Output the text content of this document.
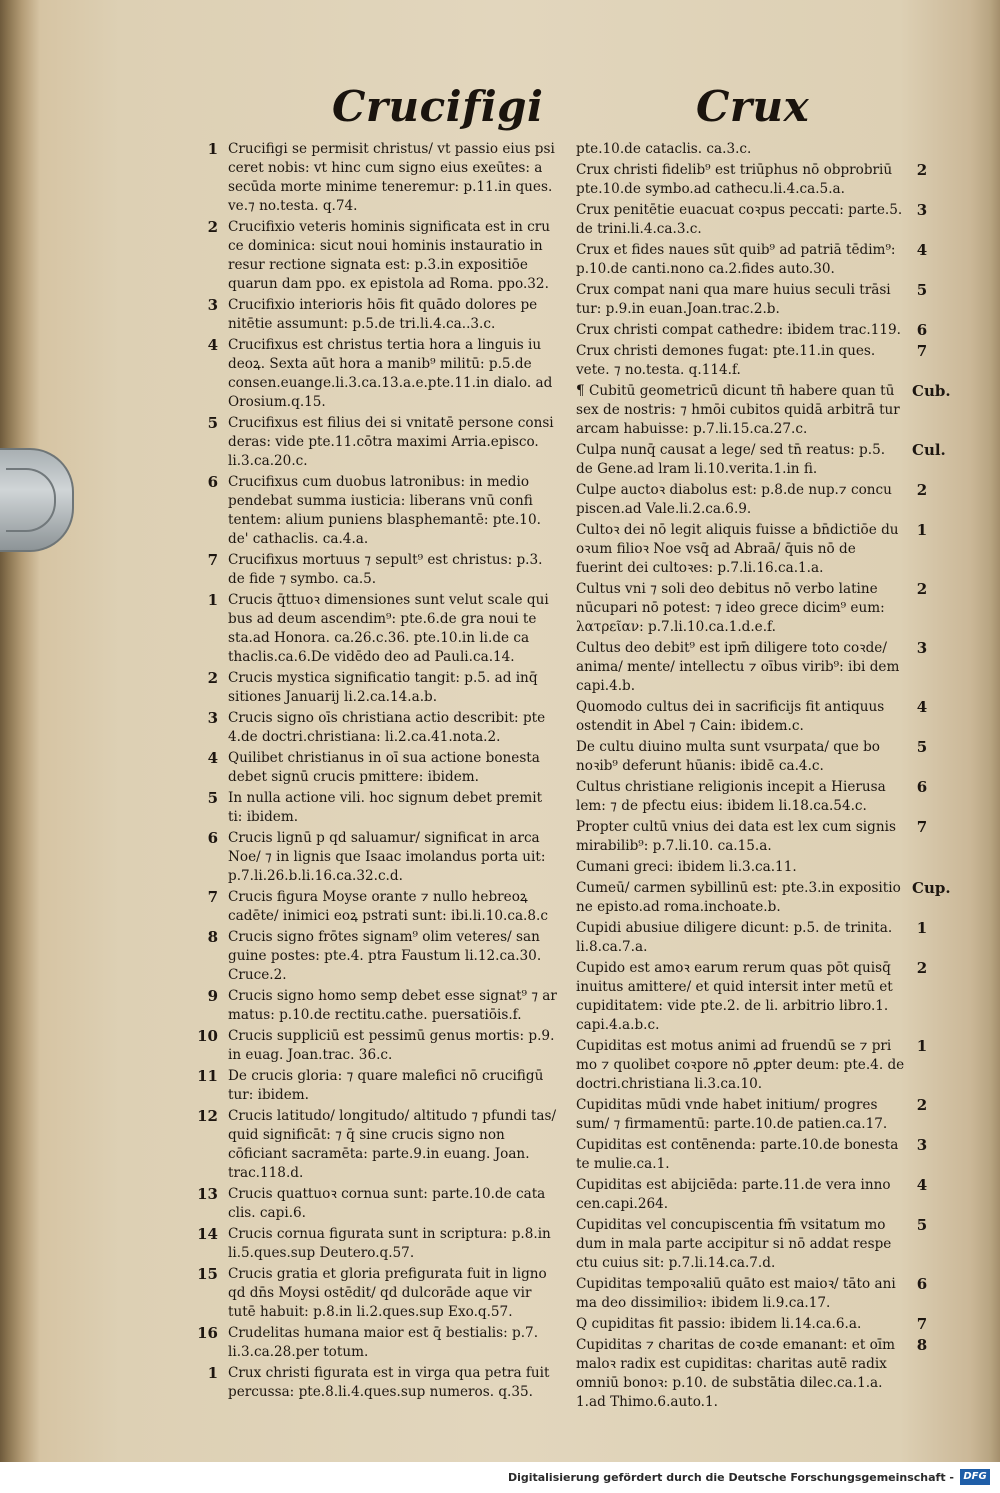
Crucifigi	Crux
1 Crucifigi se permisit christus/ vt passio eius psi ceret nobis: vt hinc cum signo eius exeūtes: a secūda morte minime teneremur: p.11.in ques. ve.⁊ no.testa. q.74.
2 Crucifixio veteris hominis significata est in cru ce dominica: sicut noui hominis instauratio in resur rectione signata est: p.3.in expositiōe quarun dam ppo. ex epistola ad Roma. ppo.32.
3 Crucifixio interioris hōis fit quādo dolores pe nitētie assumunt: p.5.de tri.li.4.ca..3.c.
4 Crucifixus est christus tertia hora a linguis iu deoꝝ. Sexta aūt hora a manib⁹ militū: p.5.de consen.euange.li.3.ca.13.a.e.pte.11.in dialo. ad Orosium.q.15.
5 Crucifixus est filius dei si vnitatē persone consi deras: vide pte.11.cōtra maximi Arria.episco. li.3.ca.20.c.
6 Crucifixus cum duobus latronibus: in medio pendebat summa iusticia: liberans vnū confi tentem: alium puniens blasphemantē: pte.10. de' cathaclis. ca.4.a.
7 Crucifixus mortuus ⁊ sepult⁹ est christus: p.3. de fide ⁊ symbo. ca.5.
1 Crucis q̄ttuoꝛ dimensiones sunt velut scale qui bus ad deum ascendim⁹: pte.6.de gra noui te sta.ad Honora. ca.26.c.36. pte.10.in li.de ca thaclis.ca.6.De vidēdo deo ad Pauli.ca.14.
2 Crucis mystica significatio tangit: p.5. ad inq̄ sitiones Januarij li.2.ca.14.a.b.
3 Crucis signo oīs christiana actio describit: pte 4.de doctri.christiana: li.2.ca.41.nota.2.
4 Quilibet christianus in oī sua actione bonesta debet signū crucis pmittere: ibidem.
5 In nulla actione vili. hoc signum debet premit ti: ibidem.
6 Crucis lignū p qd saluamur/ significat in arca Noe/ ⁊ in lignis que Isaac imolandus porta uit: p.7.li.26.b.li.16.ca.32.c.d.
7 Crucis figura Moyse orante ⁊ nullo hebreoꝝ cadēte/ inimici eoꝝ pstrati sunt: ibi.li.10.ca.8.c
8 Crucis signo frōtes signam⁹ olim veteres/ san guine postes: pte.4. ptra Faustum li.12.ca.30. Cruce.2.
9 Crucis signo homo semp debet esse signat⁹ ⁊ ar matus: p.10.de rectitu.cathe. puersatiōis.f.
10 Crucis suppliciū est pessimū genus mortis: p.9. in euag. Joan.trac. 36.c.
11 De crucis gloria: ⁊ quare malefici nō crucifigū tur: ibidem.
12 Crucis latitudo/ longitudo/ altitudo ⁊ pfundi tas/ quid significāt: ⁊ q̄ sine crucis signo non cōficiant sacramēta: parte.9.in euang. Joan. trac.118.d.
13 Crucis quattuoꝛ cornua sunt: parte.10.de cata clis. capi.6.
14 Crucis cornua figurata sunt in scriptura: p.8.in li.5.ques.sup Deutero.q.57.
15 Crucis gratia et gloria prefigurata fuit in ligno qd dn̄s Moysi ostēdit/ qd dulcorāde aque vir tutē habuit: p.8.in li.2.ques.sup Exo.q.57.
16 Crudelitas humana maior est q̄ bestialis: p.7. li.3.ca.28.per totum.
1 Crux christi figurata est in virga qua petra fuit percussa: pte.8.li.4.ques.sup numeros. q.35.
pte.10.de cataclis. ca.3.c.
2
Crux christi fidelib⁹ est triūphus nō obprobriū pte.10.de symbo.ad cathecu.li.4.ca.5.a.
3
Crux penitētie euacuat coꝛpus peccati: parte.5. de trini.li.4.ca.3.c.
4
Crux et fides naues sūt quib⁹ ad patriā tēdim⁹: p.10.de canti.nono ca.2.fides auto.30.
5
Crux compat nani qua mare huius seculi trāsi tur: p.9.in euan.Joan.trac.2.b.
6
Crux christi compat cathedre: ibidem trac.119.
7
Crux christi demones fugat: pte.11.in ques. vete. ⁊ no.testa. q.114.f.
Cub.
¶ Cubitū geometricū dicunt tn̄ habere quan tū sex de nostris: ⁊ hmōi cubitos quidā arbitrā tur arcam habuisse: p.7.li.15.ca.27.c.
Cul.
Culpa nunq̄ causat a lege/ sed tn̄ reatus: p.5. de Gene.ad lram li.10.verita.1.in fi.
2
Culpe auctoꝛ diabolus est: p.8.de nup.⁊ concu piscen.ad Vale.li.2.ca.6.9.
1
Cultoꝛ dei nō legit aliquis fuisse a bn̄dictiōe du oꝛum filioꝛ Noe vsq̄ ad Abraā/ q̄uis nō de fuerint dei cultoꝛes: p.7.li.16.ca.1.a.
2
Cultus vni ⁊ soli deo debitus nō verbo latine nūcupari nō potest: ⁊ ideo grece dicim⁹ eum: λατρεῖαν: p.7.li.10.ca.1.d.e.f.
3
Cultus deo debit⁹ est ipm̄ diligere toto coꝛde/ anima/ mente/ intellectu ⁊ oībus virib⁹: ibi dem capi.4.b.
4
Quomodo cultus dei in sacrificijs fit antiquus ostendit in Abel ⁊ Cain: ibidem.c.
5
De cultu diuino multa sunt vsurpata/ que bo noꝛib⁹ deferunt hūanis: ibidē ca.4.c.
6
Cultus christiane religionis incepit a Hierusa lem: ⁊ de pfectu eius: ibidem li.18.ca.54.c.
7
Propter cultū vnius dei data est lex cum signis mirabilib⁹: p.7.li.10. ca.15.a.
Cumani greci: ibidem li.3.ca.11.
Cup.
Cumeū/ carmen sybillinū est: pte.3.in expositio ne episto.ad roma.inchoate.b.
1
Cupidi abusiue diligere dicunt: p.5. de trinita. li.8.ca.7.a.
2
Cupido est amoꝛ earum rerum quas pōt quisq̄ inuitus amittere/ et quid intersit inter metū et cupiditatem: vide pte.2. de li. arbitrio libro.1. capi.4.a.b.c.
1
Cupiditas est motus animi ad fruendū se ⁊ pri mo ⁊ quolibet coꝛpore nō ꝓpter deum: pte.4. de doctri.christiana li.3.ca.10.
2
Cupiditas mūdi vnde habet initium/ progres sum/ ⁊ firmamentū: parte.10.de patien.ca.17.
3
Cupiditas est contēnenda: parte.10.de bonesta te mulie.ca.1.
4
Cupiditas est abijciēda: parte.11.de vera inno cen.capi.264.
5
Cupiditas vel concupiscentia fm̄ vsitatum mo dum in mala parte accipitur si nō addat respe ctu cuius sit: p.7.li.14.ca.7.d.
6
Cupiditas tempoꝛaliū quāto est maioꝛ/ tāto ani ma deo dissimilioꝛ: ibidem li.9.ca.17.
7
Q cupiditas fit passio: ibidem li.14.ca.6.a.
8
Cupiditas ⁊ charitas de coꝛde emanant: et oīm maloꝛ radix est cupiditas: charitas autē radix omniū bonoꝛ: p.10. de substātia dilec.ca.1.a. 1.ad Thimo.6.auto.1.
Digitalisierung gefördert durch die Deutsche Forschungsgemeinschaft - DFG
